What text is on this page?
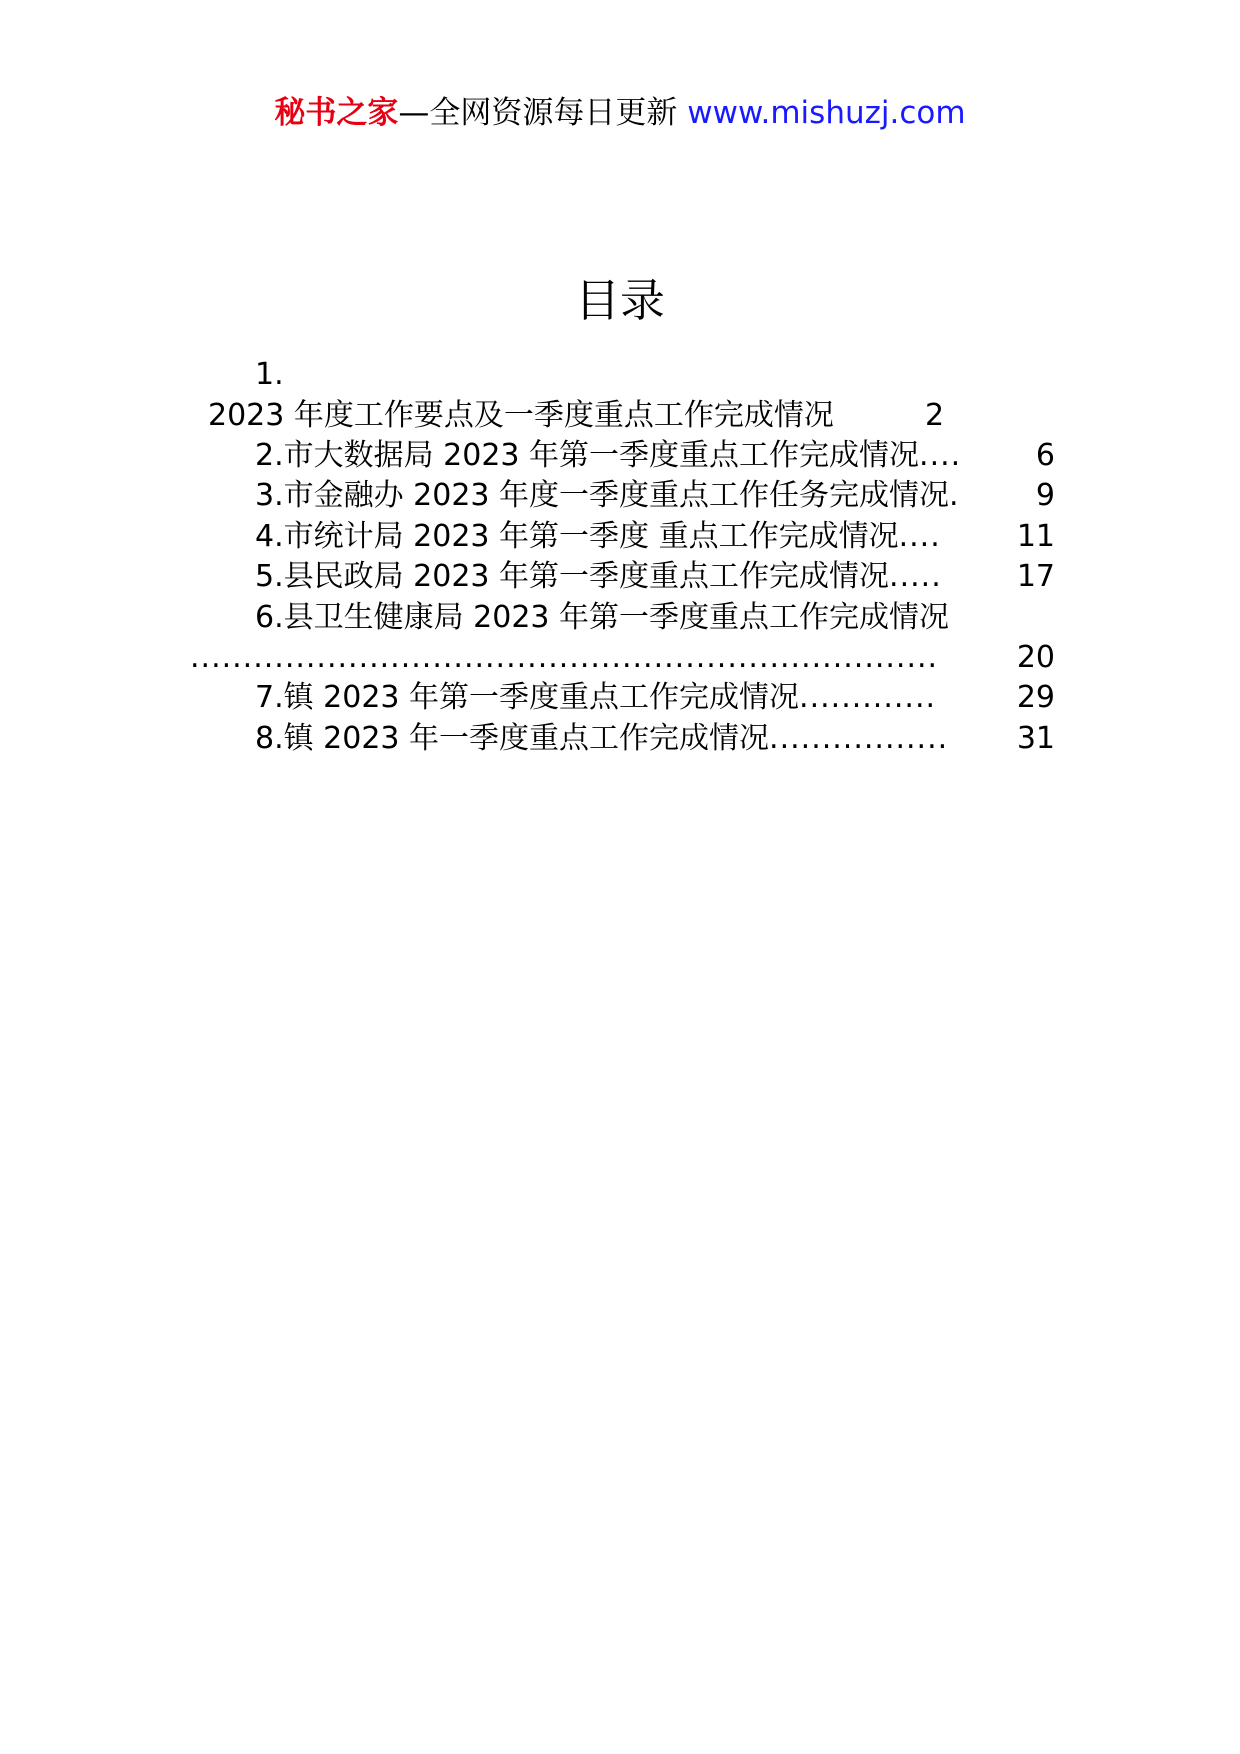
秘书之家—全网资源每日更新 www.mishuzj.com
目录
1.
2023 年度工作要点及一季度重点工作完成情况	2
2.市大数据局 2023 年第一季度重点工作完成情况 ....	6
3.市金融办 2023 年度一季度重点工作任务完成情况 .	9
4.市统计局 2023 年第一季度 重点工作完成情况 ....	11
5.县民政局 2023 年第一季度重点工作完成情况 .....	17
6.县卫生健康局 2023 年第一季度重点工作完成情况
.......................................................................	20
7.镇 2023 年第一季度重点工作完成情况 .............	29
8.镇 2023 年一季度重点工作完成情况 .................	31
